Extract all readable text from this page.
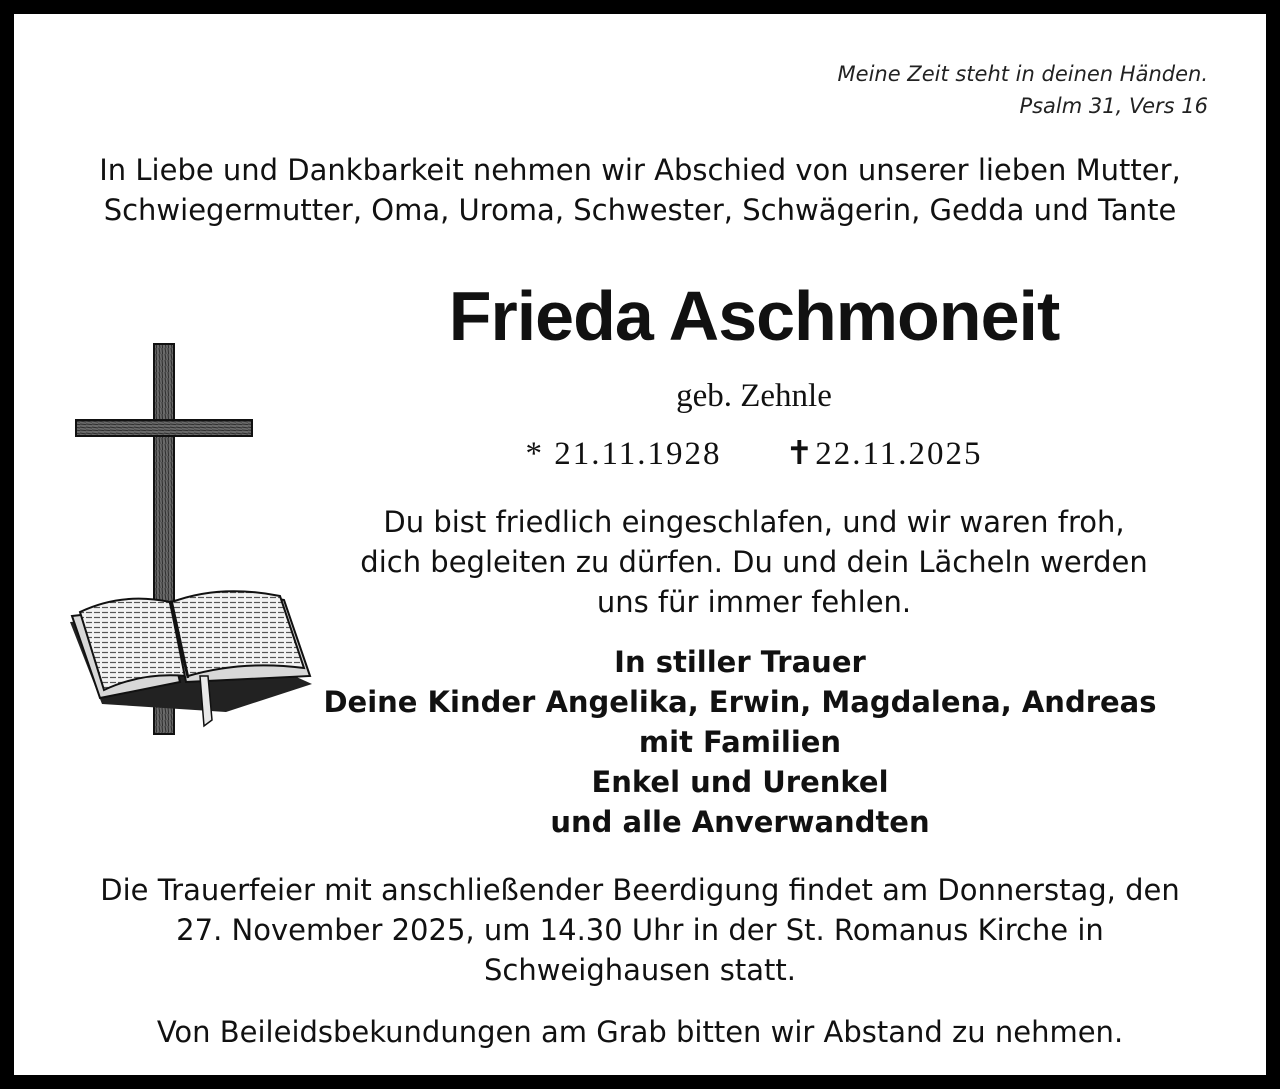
Meine Zeit steht in deinen Händen.
Psalm 31, Vers 16
In Liebe und Dankbarkeit nehmen wir Abschied von unserer lieben Mutter,
Schwiegermutter, Oma, Uroma, Schwester, Schwägerin, Gedda und Tante
Frieda Aschmoneit
geb. Zehnle
* 21.11.1928 ✝22.11.2025
Du bist friedlich eingeschlafen, und wir waren froh,
dich begleiten zu dürfen. Du und dein Lächeln werden
uns für immer fehlen.
In stiller Trauer
Deine Kinder Angelika, Erwin, Magdalena, Andreas
mit Familien
Enkel und Urenkel
und alle Anverwandten
Die Trauerfeier mit anschließender Beerdigung findet am Donnerstag, den
27. November 2025, um 14.30 Uhr in der St. Romanus Kirche in
Schweighausen statt.
Von Beileidsbekundungen am Grab bitten wir Abstand zu nehmen.
